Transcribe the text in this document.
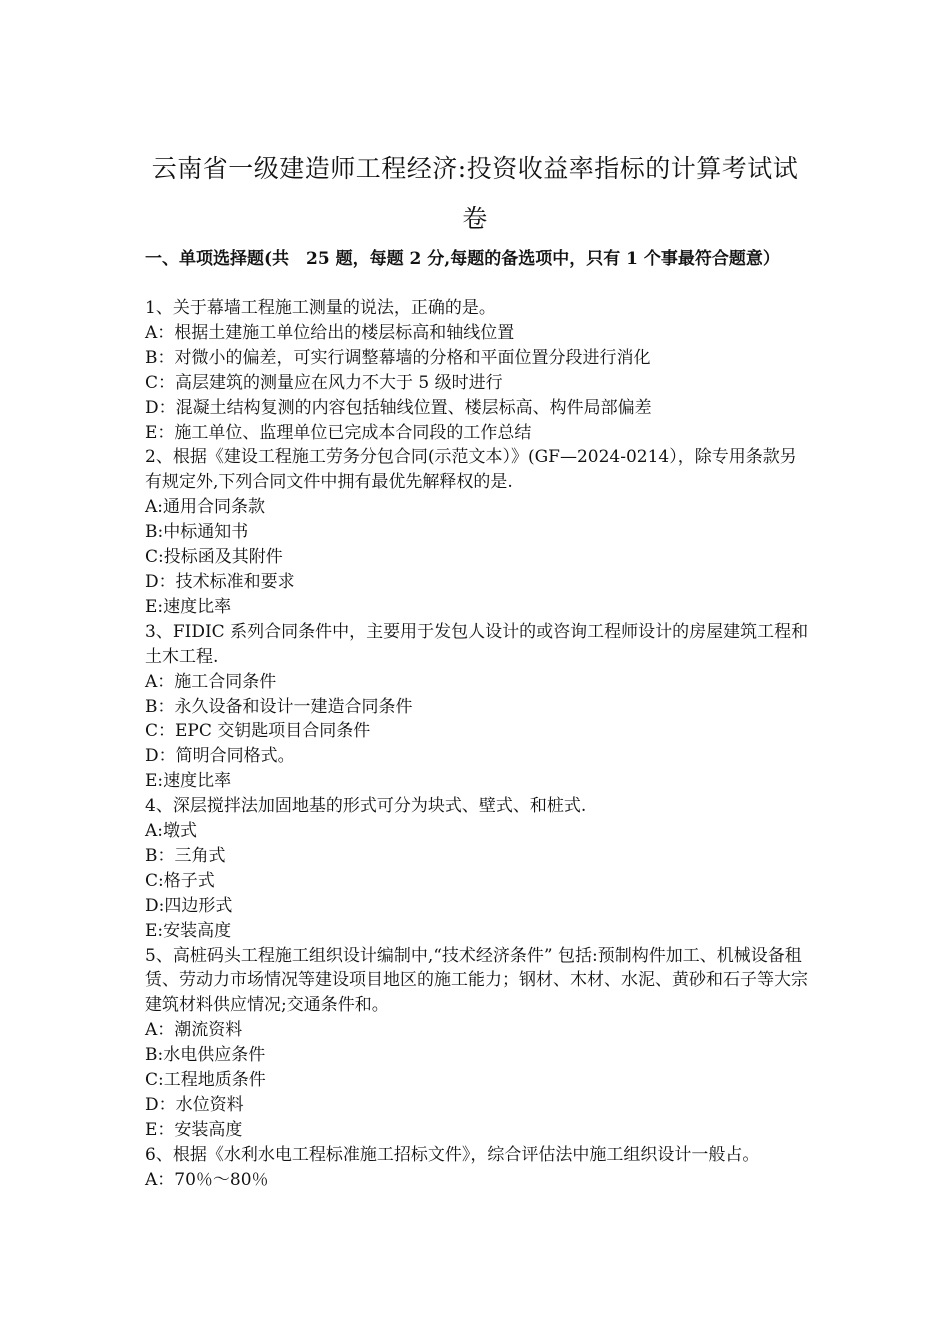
云南省一级建造师工程经济:投资收益率指标的计算考试试卷
一、单项选择题(共　25 题，每题 2 分,每题的备选项中，只有 1 个事最符合题意）

1、关于幕墙工程施工测量的说法，正确的是。

A：根据土建施工单位给出的楼层标高和轴线位置

B：对微小的偏差，可实行调整幕墙的分格和平面位置分段进行消化

C：高层建筑的测量应在风力不大于 5 级时进行

D：混凝土结构复测的内容包括轴线位置、楼层标高、构件局部偏差

E：施工单位、监理单位已完成本合同段的工作总结

2、根据《建设工程施工劳务分包合同(示范文本）》(GF—2024-0214），除专用条款另有规定外,下列合同文件中拥有最优先解释权的是.

A:通用合同条款

B:中标通知书

C:投标函及其附件

D：技术标准和要求

E:速度比率

3、FIDIC 系列合同条件中，主要用于发包人设计的或咨询工程师设计的房屋建筑工程和土木工程.

A：施工合同条件

B：永久设备和设计一建造合同条件

C：EPC 交钥匙项目合同条件

D：简明合同格式。

E:速度比率

4、深层搅拌法加固地基的形式可分为块式、壁式、和桩式.

A:墩式

B：三角式

C:格子式

D:四边形式

E:安装高度

5、高桩码头工程施工组织设计编制中,“技术经济条件” 包括:预制构件加工、机械设备租赁、劳动力市场情况等建设项目地区的施工能力；钢材、木材、水泥、黄砂和石子等大宗建筑材料供应情况;交通条件和。

A：潮流资料

B:水电供应条件

C:工程地质条件

D：水位资料

E：安装高度

6、根据《水利水电工程标准施工招标文件》，综合评估法中施工组织设计一般占。

A：70％～80％
